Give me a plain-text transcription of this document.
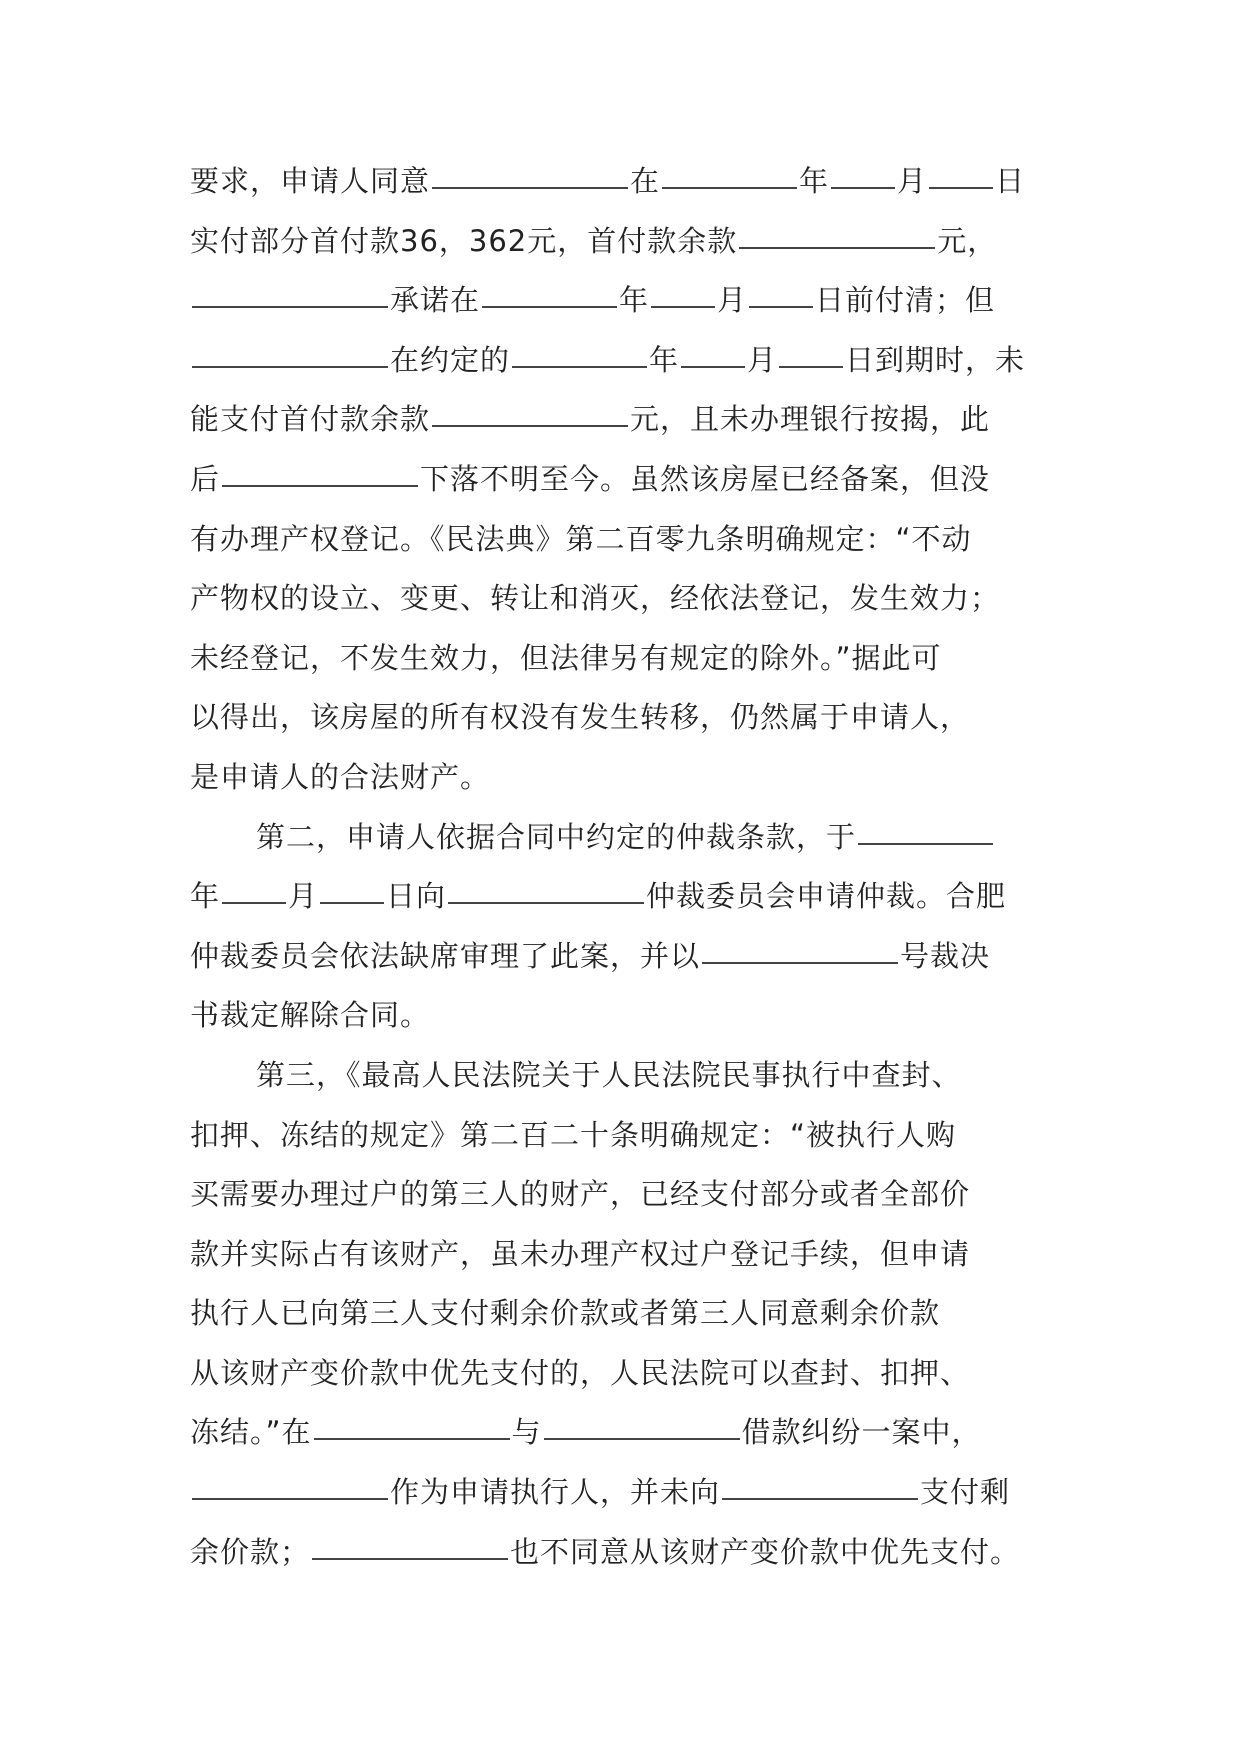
要求，申请人同意	在	年 月 日
实付部分首付款36，362元，首付款余款	元，
承诺在	年 月 日前付清；但
在约定的	年 月 日到期时，未
能支付首付款余款	元，且未办理银行按揭，此
后	下落不明至今。虽然该房屋已经备案，但没
有办理产权登记。《民法典》第二百零九条明确规定：“不动
产物权的设立、变更、转让和消灭，经依法登记，发生效力；
未经登记，不发生效力，但法律另有规定的除外。”据此可
以得出，该房屋的所有权没有发生转移，仍然属于申请人，
是申请人的合法财产。
第二，申请人依据合同中约定的仲裁条款，于
年 月 日向	仲裁委员会申请仲裁。合肥
仲裁委员会依法缺席审理了此案，并以	号裁决
书裁定解除合同。
第三，《最高人民法院关于人民法院民事执行中查封、
扣押、冻结的规定》第二百二十条明确规定：“被执行人购
买需要办理过户的第三人的财产，已经支付部分或者全部价
款并实际占有该财产，虽未办理产权过户登记手续，但申请
执行人已向第三人支付剩余价款或者第三人同意剩余价款
从该财产变价款中优先支付的，人民法院可以查封、扣押、
冻结。”在	与	借款纠纷一案中，
作为申请执行人，并未向	支付剩
余价款；	也不同意从该财产变价款中优先支付。
